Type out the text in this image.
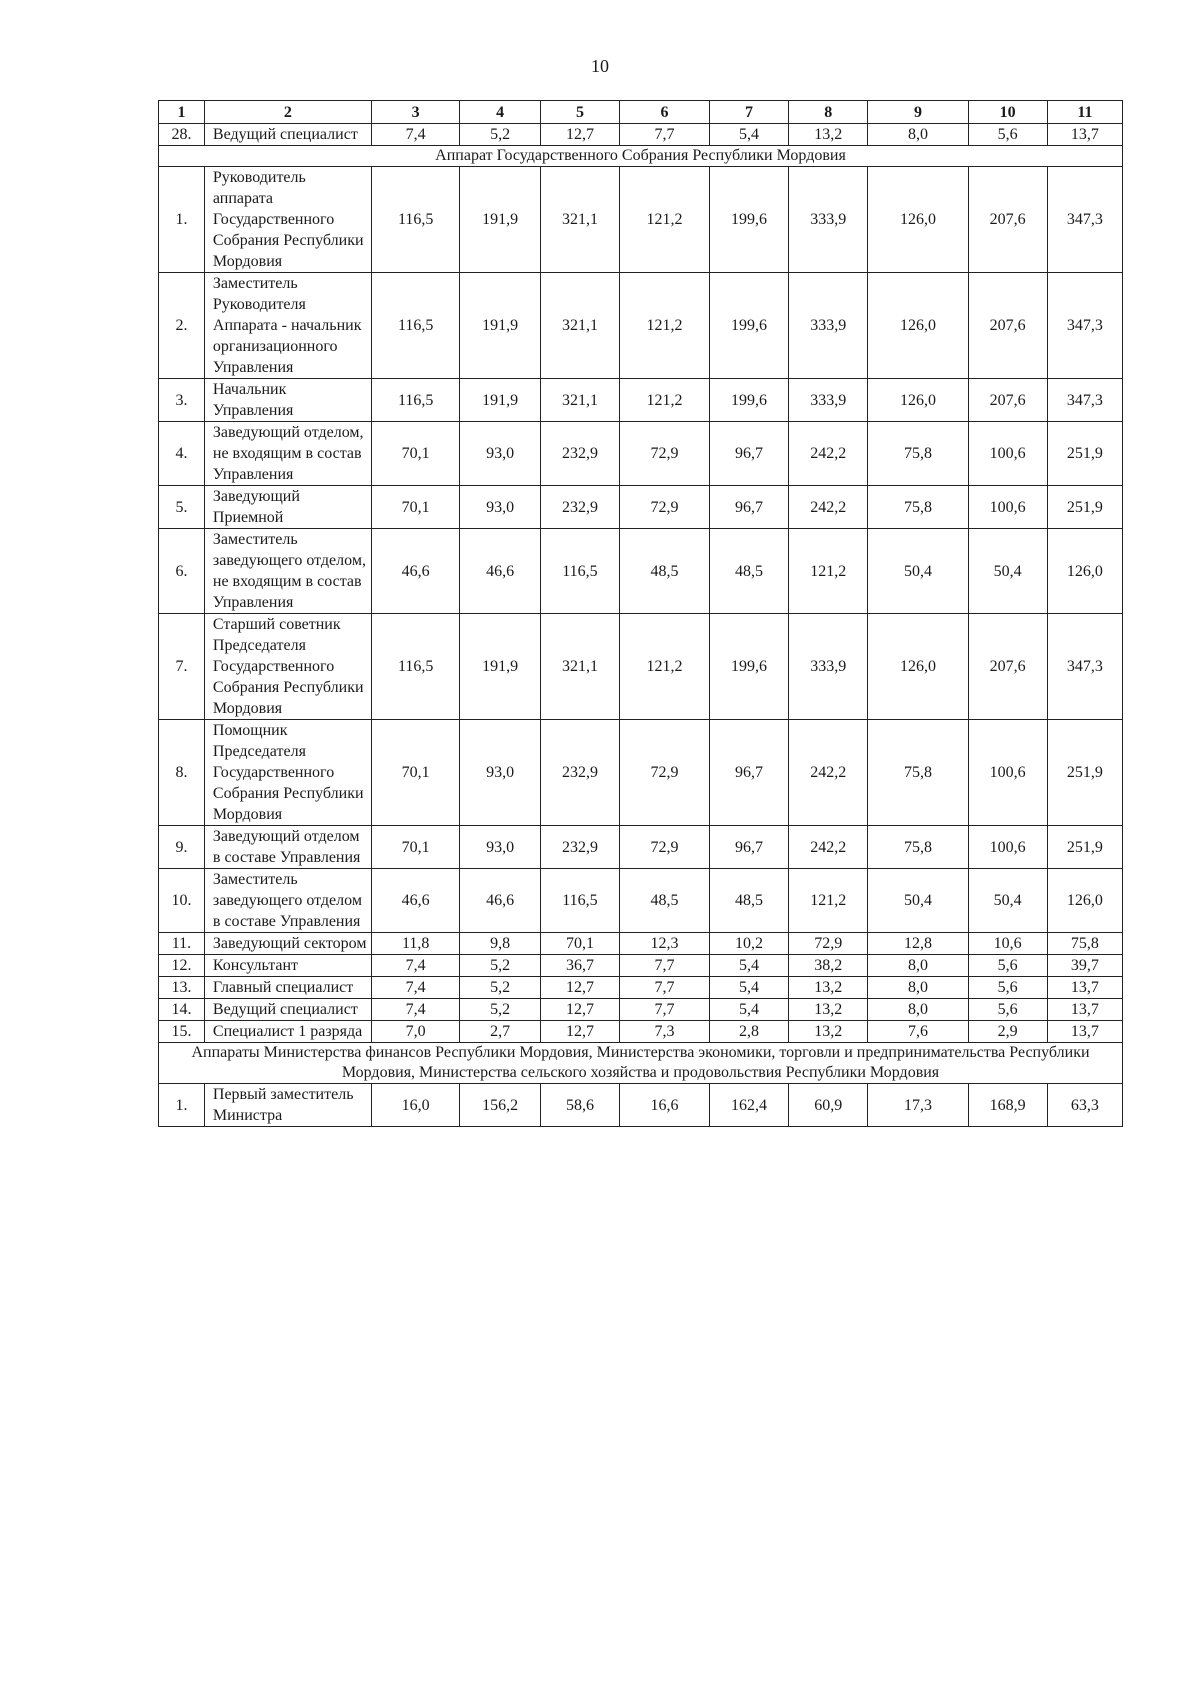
10
1	2	3	4	5	6	7	8	9	10	11
28.	Ведущий специалист	7,4	5,2	12,7	7,7	5,4	13,2	8,0	5,6	13,7
Аппарат Государственного Собрания Республики Мордовия										
1.	Руководитель аппарата Государственного Собрания Республики Мордовия	116,5	191,9	321,1	121,2	199,6	333,9	126,0	207,6	347,3
2.	Заместитель Руководителя Аппарата - начальник организационного Управления	116,5	191,9	321,1	121,2	199,6	333,9	126,0	207,6	347,3
3.	Начальник Управления	116,5	191,9	321,1	121,2	199,6	333,9	126,0	207,6	347,3
4.	Заведующий отделом, не входящим в состав Управления	70,1	93,0	232,9	72,9	96,7	242,2	75,8	100,6	251,9
5.	Заведующий Приемной	70,1	93,0	232,9	72,9	96,7	242,2	75,8	100,6	251,9
6.	Заместитель заведующего отделом, не входящим в состав Управления	46,6	46,6	116,5	48,5	48,5	121,2	50,4	50,4	126,0
7.	Старший советник Председателя Государственного Собрания Республики Мордовия	116,5	191,9	321,1	121,2	199,6	333,9	126,0	207,6	347,3
8.	Помощник Председателя Государственного Собрания Республики Мордовия	70,1	93,0	232,9	72,9	96,7	242,2	75,8	100,6	251,9
9.	Заведующий отделом в составе Управления	70,1	93,0	232,9	72,9	96,7	242,2	75,8	100,6	251,9
10.	Заместитель заведующего отделом в составе Управления	46,6	46,6	116,5	48,5	48,5	121,2	50,4	50,4	126,0
11.	Заведующий сектором	11,8	9,8	70,1	12,3	10,2	72,9	12,8	10,6	75,8
12.	Консультант	7,4	5,2	36,7	7,7	5,4	38,2	8,0	5,6	39,7
13.	Главный специалист	7,4	5,2	12,7	7,7	5,4	13,2	8,0	5,6	13,7
14.	Ведущий специалист	7,4	5,2	12,7	7,7	5,4	13,2	8,0	5,6	13,7
15.	Специалист 1 разряда	7,0	2,7	12,7	7,3	2,8	13,2	7,6	2,9	13,7
Аппараты Министерства финансов Республики Мордовия, Министерства экономики, торговли и предпринимательства Республики Мордовия, Министерства сельского хозяйства и продовольствия Республики Мордовия										
1.	Первый заместитель Министра	16,0	156,2	58,6	16,6	162,4	60,9	17,3	168,9	63,3
